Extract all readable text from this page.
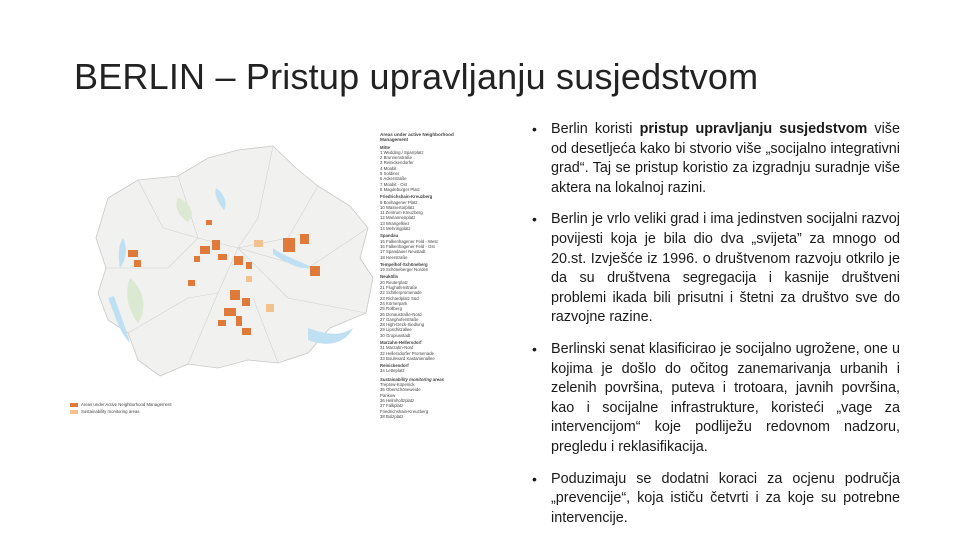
BERLIN – Pristup upravljanju susjedstvom
Areas under active Neighborhood Management
Mitte
1 Wedding / Sparrplatz
2 Brunnenstraße
3 Reinickendorfer
4 Moabit
5 Soldiner
6 Ackerstraße
7 Moabit - Ost
8 Magdeburger Platz
Friedrichshain-Kreuzberg
9 Boxhagener Platz
10 Wassertorplatz
11 Zentrum Kreuzberg
12 Mariannenplatz
13 Wrangelkiez
14 Mehringplatz
Spandau
15 Falkenhagener Feld - West
16 Falkenhagener Feld - Ost
17 Spandauer Neustadt
18 Heerstraße
Tempelhof-Schöneberg
19 Schöneberger Norden
Neukölln
20 Reuterplatz
21 Flughafenstraße
22 Schillerpromenade
23 Richardplatz Süd
24 Körnerpark
25 Rollberg
26 Donaustraße-Nord
27 Ganghoferstraße
28 High-Deck-Siedlung
29 Lipschitzallee
30 Gropiusstadt
Marzahn-Hellersdorf
31 Marzahn-Nord
32 Hellersdorfer Promenade
33 Boulevard Kastanienallee
Reinickendorf
34 Letteplatz
Sustainability monitoring areas
Treptow-Köpenick
35 Oberschöneweide
Pankow
36 Helmholtzplatz
37 Falkplatz
Friedrichshain-Kreuzberg
38 Bolzplatz
Areas under Active Neighborhood Management
Sustainability monitoring areas
• Berlin koristi pristup upravljanju susjedstvom više od desetljeća kako bi stvorio više „socijalno integrativni grad“. Taj se pristup koristio za izgradnju suradnje više aktera na lokalnoj razini.
• Berlin je vrlo veliki grad i ima jedinstven socijalni razvoj povijesti koja je bila dio dva „svijeta” za mnogo od 20.st. Izvješće iz 1996. o društvenom razvoju otkrilo je da su društvena segregacija i kasnije društveni problemi ikada bili prisutni i štetni za društvo sve do razvojne razine.
• Berlinski senat klasificirao je socijalno ugrožene, one u kojima je došlo do očitog zanemarivanja urbanih i zelenih površina, puteva i trotoara, javnih površina, kao i socijalne infrastrukture, koristeći „vage za intervencijom“ koje podliježu redovnom nadzoru, pregledu i reklasifikacija.
• Poduzimaju se dodatni koraci za ocjenu područja „prevencije“, koja ističu četvrti i za koje su potrebne intervencije.
